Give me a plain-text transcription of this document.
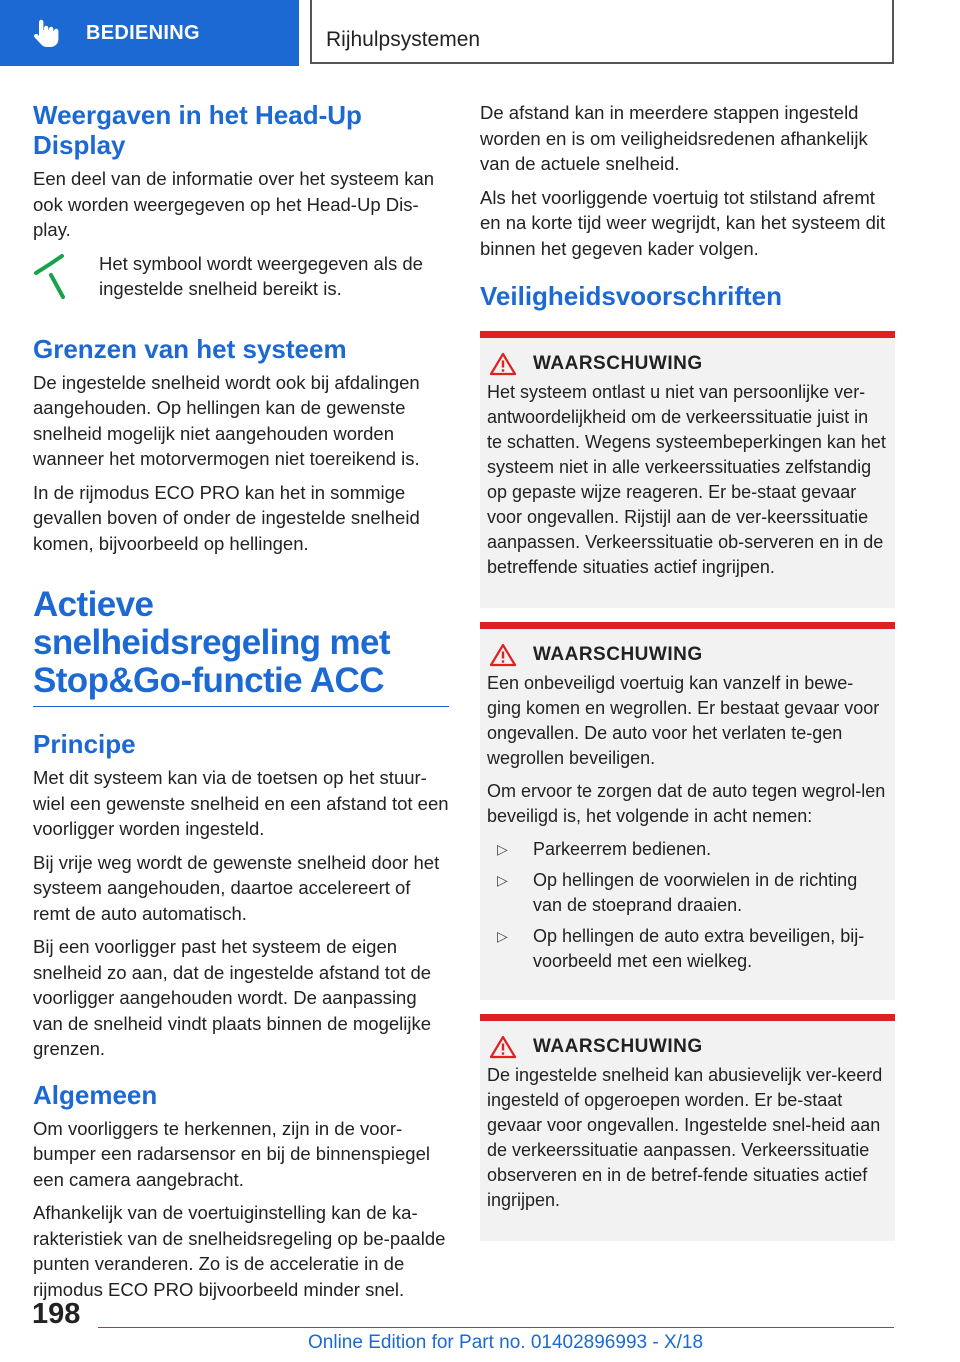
BEDIENING	Rijhulpsystemen
Weergaven in het Head-Up Display

Een deel van de informatie over het systeem kan ook worden weergegeven op het Head-Up Dis-play.

Het symbool wordt weergegeven als de ingestelde snelheid bereikt is.

Grenzen van het systeem

De ingestelde snelheid wordt ook bij afdalingen aangehouden. Op hellingen kan de gewenste snelheid mogelijk niet aangehouden worden wanneer het motorvermogen niet toereikend is.

In de rijmodus ECO PRO kan het in sommige gevallen boven of onder de ingestelde snelheid komen, bijvoorbeeld op hellingen.

Actieve snelheidsregeling met Stop&Go-functie ACC
Principe

Met dit systeem kan via de toetsen op het stuur-wiel een gewenste snelheid en een afstand tot een voorligger worden ingesteld.

Bij vrije weg wordt de gewenste snelheid door het systeem aangehouden, daartoe accelereert of remt de auto automatisch.

Bij een voorligger past het systeem de eigen snelheid zo aan, dat de ingestelde afstand tot de voorligger aangehouden wordt. De aanpassing van de snelheid vindt plaats binnen de mogelijke grenzen.

Algemeen

Om voorliggers te herkennen, zijn in de voor-bumper een radarsensor en bij de binnenspiegel een camera aangebracht.

Afhankelijk van de voertuiginstelling kan de ka-rakteristiek van de snelheidsregeling op be-paalde punten veranderen. Zo is de acceleratie in de rijmodus ECO PRO bijvoorbeeld minder snel.

De afstand kan in meerdere stappen ingesteld worden en is om veiligheidsredenen afhankelijk van de actuele snelheid.

Als het voorliggende voertuig tot stilstand afremt en na korte tijd weer wegrijdt, kan het systeem dit binnen het gegeven kader volgen.

Veiligheidsvoorschriften
WAARSCHUWING

Het systeem ontlast u niet van persoonlijke ver-antwoordelijkheid om de verkeerssituatie juist in te schatten. Wegens systeembeperkingen kan het systeem niet in alle verkeerssituaties zelfstandig op gepaste wijze reageren. Er be-staat gevaar voor ongevallen. Rijstijl aan de ver-keerssituatie aanpassen. Verkeerssituatie ob-serveren en in de betreffende situaties actief ingrijpen.

WAARSCHUWING

Een onbeveiligd voertuig kan vanzelf in bewe-ging komen en wegrollen. Er bestaat gevaar voor ongevallen. De auto voor het verlaten te-gen wegrollen beveiligen.

Om ervoor te zorgen dat de auto tegen wegrol-len beveiligd is, het volgende in acht nemen:

▷	Parkeerrem bedienen.
▷	Op hellingen de voorwielen in de richting van de stoeprand draaien.
▷	Op hellingen de auto extra beveiligen, bij-voorbeeld met een wielkeg.
WAARSCHUWING

De ingestelde snelheid kan abusievelijk ver-keerd ingesteld of opgeroepen worden. Er be-staat gevaar voor ongevallen. Ingestelde snel-heid aan de verkeerssituatie aanpassen. Verkeerssituatie observeren en in de betref-fende situaties actief ingrijpen.

198
Online Edition for Part no. 01402896993 - X/18
